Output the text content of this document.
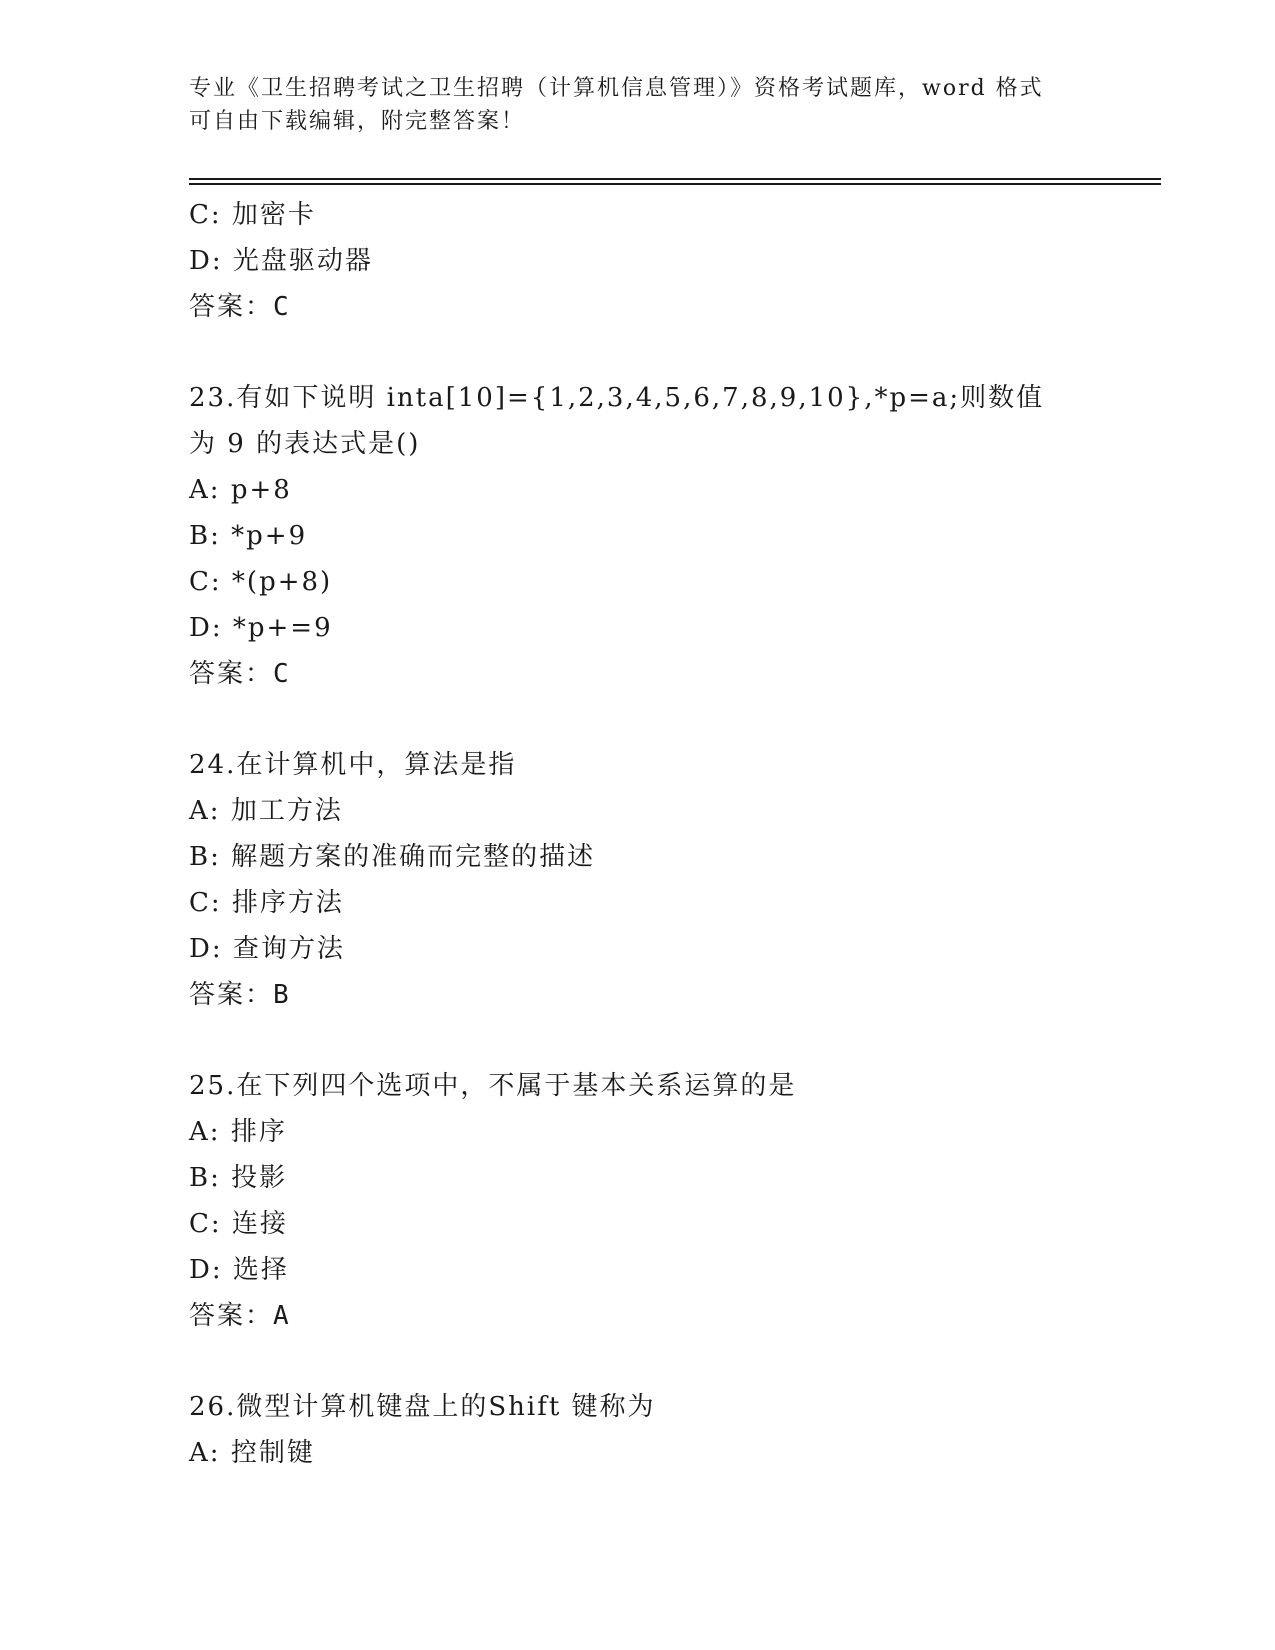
专业《卫生招聘考试之卫生招聘（计算机信息管理）》资格考试题库，word 格式
可自由下载编辑，附完整答案！
C: 加密卡
D: 光盘驱动器
答案：C
23.有如下说明 inta[10]={1,2,3,4,5,6,7,8,9,10},*p=a;则数值为 9 的表达式是()
A: p+8
B: *p+9
C: *(p+8)
D: *p+=9
答案：C
24.在计算机中，算法是指
A: 加工方法
B: 解题方案的准确而完整的描述
C: 排序方法
D: 查询方法
答案：B
25.在下列四个选项中，不属于基本关系运算的是
A: 排序
B: 投影
C: 连接
D: 选择
答案：A
26.微型计算机键盘上的Shift 键称为
A: 控制键
